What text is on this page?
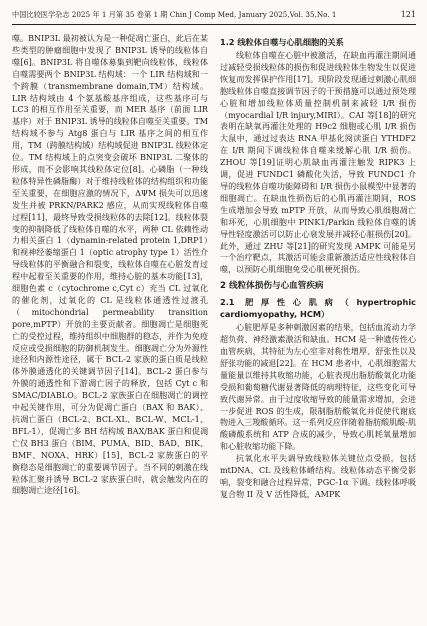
中国比较医学杂志 2025 年 1 月第 35 卷第 1 期 Chin J Comp Med, January 2025,Vol. 35,No. 1	121

噬。BNIP3L 最初被认为是一种促凋亡蛋白，此后在某些类型的肿瘤细胞中发现了 BNIP3L 诱导的线粒体自噬[6]。BNIP3L 将自噬体募集到靶向线粒体，线粒体自噬需要两个 BNIP3L 结构域：一个 LIR 结构域和一个跨膜（transmembrane domain,TM）结构域。LIR 结构域由 4 个氨基酸基序组成，这些基序可与 LC3 的相互作用至关重要，而 MER 基序（前面 LIR 基序）对于 BNIP3L 诱导的线粒体自噬至关重要。TM 结构域不参与 Atg8 蛋白与 LIR 基序之间的相互作用，TM（跨膜结构域）结构域促进 BNIP3L 线粒体定位。TM 结构域上的点突变会破坏 BNIP3L 二聚体的形成，而不会影响其线粒体定位[8]。心磷脂（一种线粒体特异性磷脂酶）对于维持线粒体的结构组织和功能至关重要，在细胞应激的情况下，ΔΨM 损失可以迅速发生并被 PRKN/PARK2 感应，从而实现线粒体自噬过程[11]，最终导致受损线粒体的去除[12]。线粒体裂变的抑制降低了线粒体自噬的水平，两种 CL 依赖性动力相关蛋白 1（dynamin-related protein 1,DRP1）和视神经萎缩蛋白 1（optic atrophy type 1）活性介导线粒体的平衡融合和裂变，线粒体自噬在心脏发育过程中起着至关重要的作用，维持心脏的基本功能[13]，细胞色素 c（cytochrome c,Cyt c）充当 CL 过氧化的催化剂，过氧化的 CL 是线粒体通透性过渡孔（mitochondrial permeability transition pore,mPTP）开放的主要贡献者。细胞凋亡是细胞死亡的受控过程，维持组织中细胞群的稳态，并作为免疫反应或受损细胞的防御机制发生。细胞凋亡分为外源性途径和内源性途径，属于 BCL-2 家族的蛋白质是线粒体外膜通透化的关键调节因子[14]。BCL-2 蛋白参与外膜的通透性和下游凋亡因子的释放，包括 Cyt c 和 SMAC/DIABLO。BCL-2 家族蛋白在细胞凋亡的调控中起关键作用，可分为促凋亡蛋白（BAX 和 BAK）、抗凋亡蛋白（BCL-2、BCL-XL、BCL-W、MCL-1、BFL-1），促凋亡多 BH 结构域 BAX/BAK 蛋白和促凋亡仅 BH3 蛋白（BIM、PUMA、BID、BAD、BIK、BMF、NOXA、HRK）[15]，BCL-2 家族蛋白的平衡稳态是细胞凋亡的重要调节因子。当不同的刺激在线粒体汇聚并诱导 BCL-2 家族蛋白时，就会触发内在的细胞凋亡途径[16]。

1.2 线粒体自噬与心肌细胞的关系

线粒体自噬在心脏中被激活，在缺血再灌注期间通过减轻受损线粒体的损伤和促进线粒体生物发生以促进恢复而发挥保护作用[17]。现阶段发现通过刺激心肌细胞线粒体自噬直接调节因子的干预措施可以通过预处理心脏和增加线粒体质量控制机制来减轻 I/R 损伤（myocardial I/R injury,MIRI）。CAI 等[18]的研究表明在缺氧再灌注处理的 H9c2 细胞或心肌 I/R 损伤大鼠中，通过过表达 RNA 甲基化阅读蛋白 YTHDF2 在 I/R 期间下调线粒体自噬来缓解心肌 I/R 损伤。ZHOU 等[19]证明心肌缺血再灌注触发 RIPK3 上调，促进 FUNDC1 磷酸化失活，导致 FUNDC1 介导的线粒体自噬功能障碍和 I/R 损伤小鼠模型中显著的细胞凋亡。在缺血性损伤后的心肌再灌注期间，ROS 生成增加会导致 mPTP 开放，从而导致心肌细胞凋亡和坏死，心肌细胞中 PINK1/Parkin 线粒体自噬的诱导性轻度激活可以防止心衰发展并减轻心脏损伤[20]。此外，通过 ZHU 等[21]的研究发现 AMPK 可能是另一个治疗靶点，其激活可能会重新激活适应性线粒体自噬，以预防心肌细胞免受心肌梗死损伤。

2 线粒体损伤与心血管疾病
2.1 肥厚性心肌病（hypertrophic cardiomyopathy, HCM）

心脏肥厚是多种刺激因素的结果，包括血流动力学超负荷、神经激素激活和缺血。HCM 是一种遗传性心血管疾病，其特征为左心室非对称性增厚、舒张性以及舒张功能的减退[22]。在 HCM 患者中，心肌细胞需大量能量以维持其收缩功能，心脏表现出脂肪酸氧化功能受损和葡萄糖代谢显著降低的病理特征，这些变化可导致代谢异常。由于过度收缩导致的能量需求增加，会进一步促进 ROS 的生成，限制脂肪酸氧化并促使代谢底物进入三羧酸循环。这一系列反应伴随着脂肪酸肌酸-肌酸磷酸系统和 ATP 合成的减少，导致心肌耗氧量增加和心脏收缩功能下降。

抗氧化水平失调导致线粒体关键位点受损，包括 mtDNA、CL 及线粒体嵴结构。线粒体动态平衡受影响，裂变和融合过程异常，PGC-1α 下调。线粒体呼吸复合物 II 及 V 活性降低，AMPK
